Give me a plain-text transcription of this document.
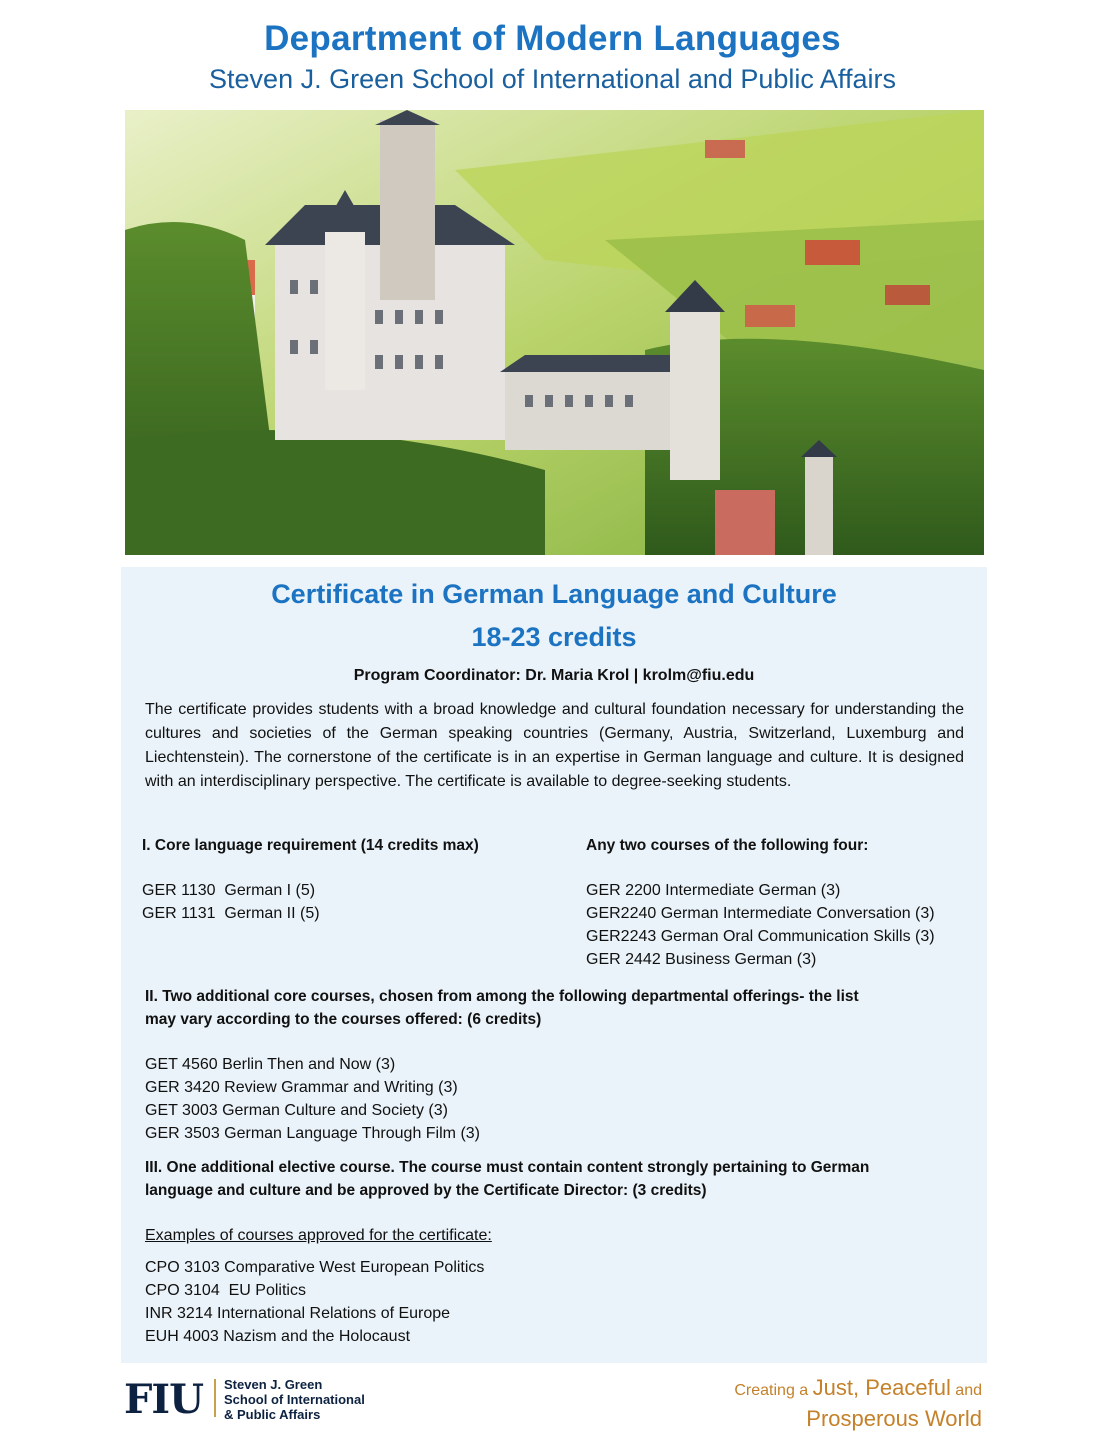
Department of Modern Languages
Steven J. Green School of International and Public Affairs
Certificate in German Language and Culture
18-23 credits
Program Coordinator: Dr. Maria Krol | krolm@fiu.edu

The certificate provides students with a broad knowledge and cultural foundation necessary for understanding the cultures and societies of the German speaking countries (Germany, Austria, Switzerland, Luxemburg and Liechtenstein). The cornerstone of the certificate is in an expertise in German language and culture. It is designed with an interdisciplinary perspective. The certificate is available to degree-seeking students.

I. Core language requirement (14 credits max)

GER 1130  German I (5)
GER 1131  German II (5)

Any two courses of the following four:

GER 2200 Intermediate German (3)
GER2240 German Intermediate Conversation (3)
GER2243 German Oral Communication Skills (3)
GER 2442 Business German (3)

II. Two additional core courses, chosen from among the following departmental offerings- the list
may vary according to the courses offered: (6 credits)

GET 4560 Berlin Then and Now (3)
GER 3420 Review Grammar and Writing (3)
GET 3003 German Culture and Society (3)
GER 3503 German Language Through Film (3)

III. One additional elective course. The course must contain content strongly pertaining to German
language and culture and be approved by the Certificate Director: (3 credits)

Examples of courses approved for the certificate:
CPO 3103 Comparative West European Politics
CPO 3104  EU Politics
INR 3214 International Relations of Europe
EUH 4003 Nazism and the Holocaust
FIU Steven J. Green
School of International
& Public Affairs
Creating a Just, Peaceful and
Prosperous World
